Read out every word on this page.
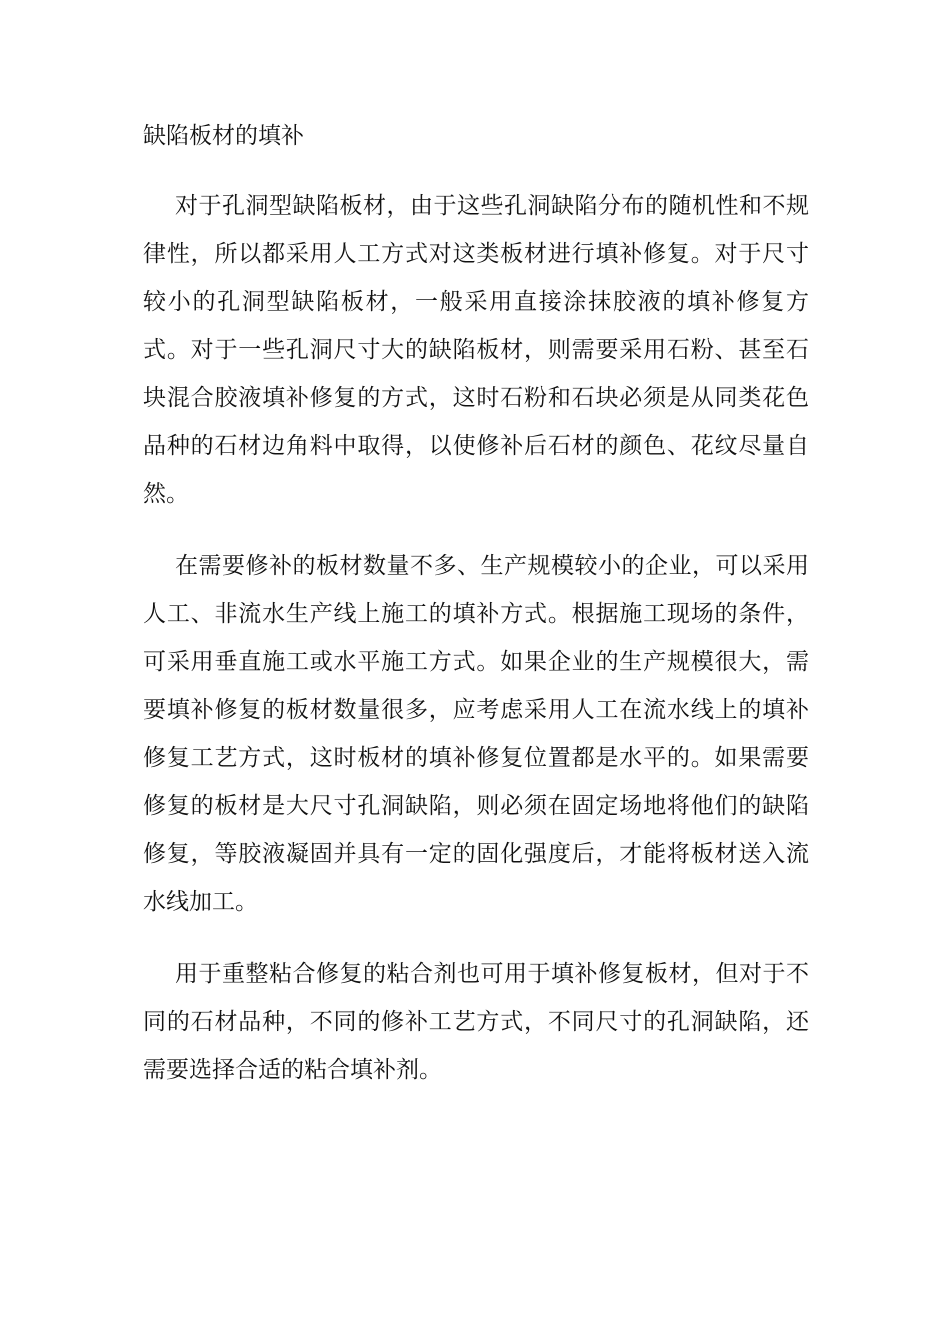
缺陷板材的填补

对于孔洞型缺陷板材，由于这些孔洞缺陷分布的随机性和不规律性，所以都采用人工方式对这类板材进行填补修复。对于尺寸较小的孔洞型缺陷板材，一般采用直接涂抹胶液的填补修复方式。对于一些孔洞尺寸大的缺陷板材，则需要采用石粉、甚至石块混合胶液填补修复的方式，这时石粉和石块必须是从同类花色品种的石材边角料中取得，以使修补后石材的颜色、花纹尽量自然。

在需要修补的板材数量不多、生产规模较小的企业，可以采用人工、非流水生产线上施工的填补方式。根据施工现场的条件，可采用垂直施工或水平施工方式。如果企业的生产规模很大，需要填补修复的板材数量很多，应考虑采用人工在流水线上的填补修复工艺方式，这时板材的填补修复位置都是水平的。如果需要修复的板材是大尺寸孔洞缺陷，则必须在固定场地将他们的缺陷修复，等胶液凝固并具有一定的固化强度后，才能将板材送入流水线加工。

用于重整粘合修复的粘合剂也可用于填补修复板材，但对于不同的石材品种，不同的修补工艺方式，不同尺寸的孔洞缺陷，还需要选择合适的粘合填补剂。
